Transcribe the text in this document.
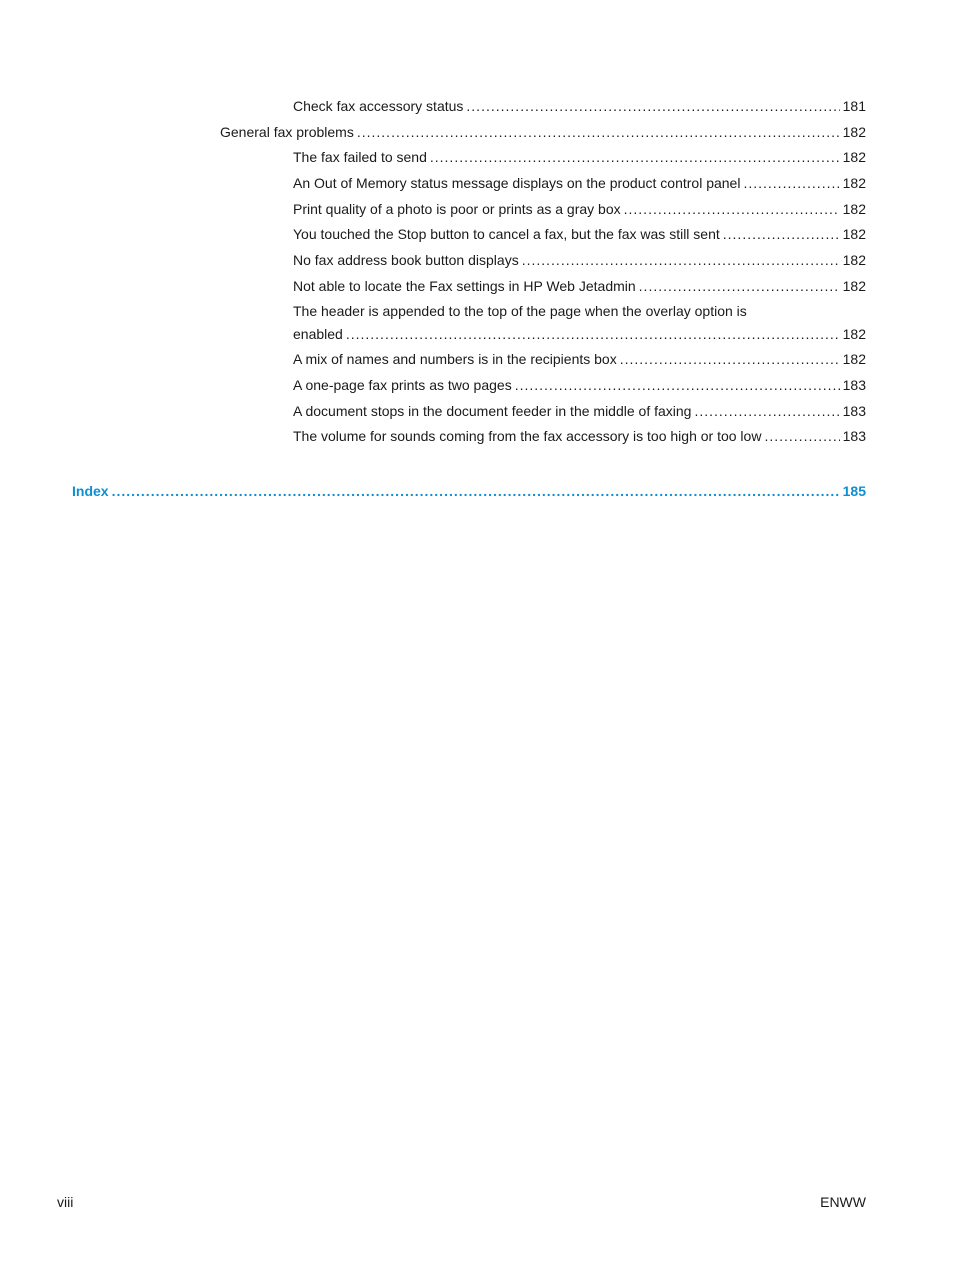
Check fax accessory status .....	181
General fax problems .....	182
The fax failed to send .....	182
An Out of Memory status message displays on the product control panel .....	182
Print quality of a photo is poor or prints as a gray box .....	182
You touched the Stop button to cancel a fax, but the fax was still sent .....	182
No fax address book button displays .....	182
Not able to locate the Fax settings in HP Web Jetadmin .....	182
The header is appended to the top of the page when the overlay option is
enabled .....	182
A mix of names and numbers is in the recipients box .....	182
A one-page fax prints as two pages .....	183
A document stops in the document feeder in the middle of faxing .....	183
The volume for sounds coming from the fax accessory is too high or too low .....	183
Index .....	185
viii	ENWW
